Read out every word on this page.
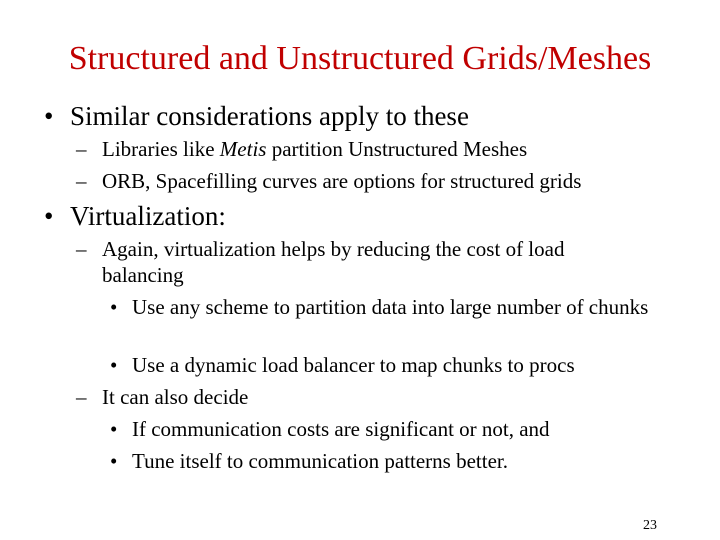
Structured and Unstructured Grids/Meshes
• Similar considerations apply to these
– Libraries like Metis partition Unstructured Meshes
– ORB, Spacefilling curves are options for structured grids
• Virtualization:
– Again, virtualization helps by reducing the cost of load balancing
• Use any scheme to partition data into large number of chunks
• Use a dynamic load balancer to map chunks to procs
– It can also decide
• If communication costs are significant or not, and
• Tune itself to communication patterns better.
23
